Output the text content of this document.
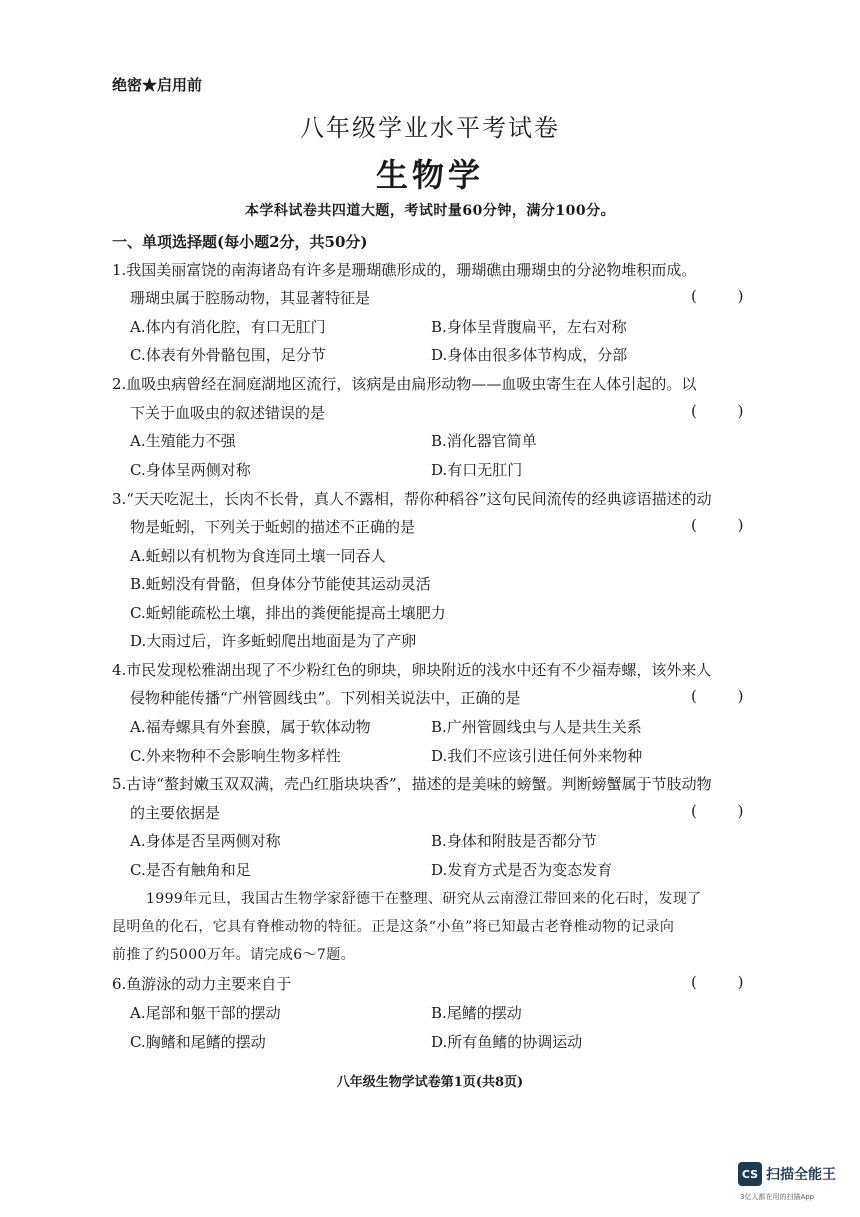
绝密★启用前
八年级学业水平考试卷
生物学
本学科试卷共四道大题，考试时量60分钟，满分100分。
一、单项选择题(每小题2分，共50分)
1.我国美丽富饶的南海诸岛有许多是珊瑚礁形成的，珊瑚礁由珊瑚虫的分泌物堆积而成。
珊瑚虫属于腔肠动物，其显著特征是	( )
A.体内有消化腔，有口无肛门	B.身体呈背腹扁平，左右对称
C.体表有外骨骼包围，足分节	D.身体由很多体节构成，分部
2.血吸虫病曾经在洞庭湖地区流行，该病是由扁形动物——血吸虫寄生在人体引起的。以
下关于血吸虫的叙述错误的是	( )
A.生殖能力不强	B.消化器官简单
C.身体呈两侧对称	D.有口无肛门
3.“天天吃泥土，长肉不长骨，真人不露相，帮你种稻谷”这句民间流传的经典谚语描述的动
物是蚯蚓，下列关于蚯蚓的描述不正确的是	( )
A.蚯蚓以有机物为食连同土壤一同吞人
B.蚯蚓没有骨骼，但身体分节能使其运动灵活
C.蚯蚓能疏松土壤，排出的粪便能提高土壤肥力
D.大雨过后，许多蚯蚓爬出地面是为了产卵
4.市民发现松雅湖出现了不少粉红色的卵块，卵块附近的浅水中还有不少福寿螺，该外来人
侵物种能传播“广州管圆线虫”。下列相关说法中，正确的是	( )
A.福寿螺具有外套膜，属于软体动物	B.广州管圆线虫与人是共生关系
C.外来物种不会影响生物多样性	D.我们不应该引进任何外来物种
5.古诗“螯封嫩玉双双满，壳凸红脂块块香”，描述的是美味的螃蟹。判断螃蟹属于节肢动物
的主要依据是	( )
A.身体是否呈两侧对称	B.身体和附肢是否都分节
C.是否有触角和足	D.发育方式是否为变态发育
1999年元旦，我国古生物学家舒德干在整理、研究从云南澄江带回来的化石时，发现了
昆明鱼的化石，它具有脊椎动物的特征。正是这条“小鱼”将已知最古老脊椎动物的记录向
前推了约5000万年。请完成6～7题。
6.鱼游泳的动力主要来自于	( )
A.尾部和躯干部的摆动	B.尾鳍的摆动
C.胸鳍和尾鳍的摆动	D.所有鱼鳍的协调运动
八年级生物学试卷第1页(共8页)
CS 扫描全能王
3亿人都在用的扫描App
